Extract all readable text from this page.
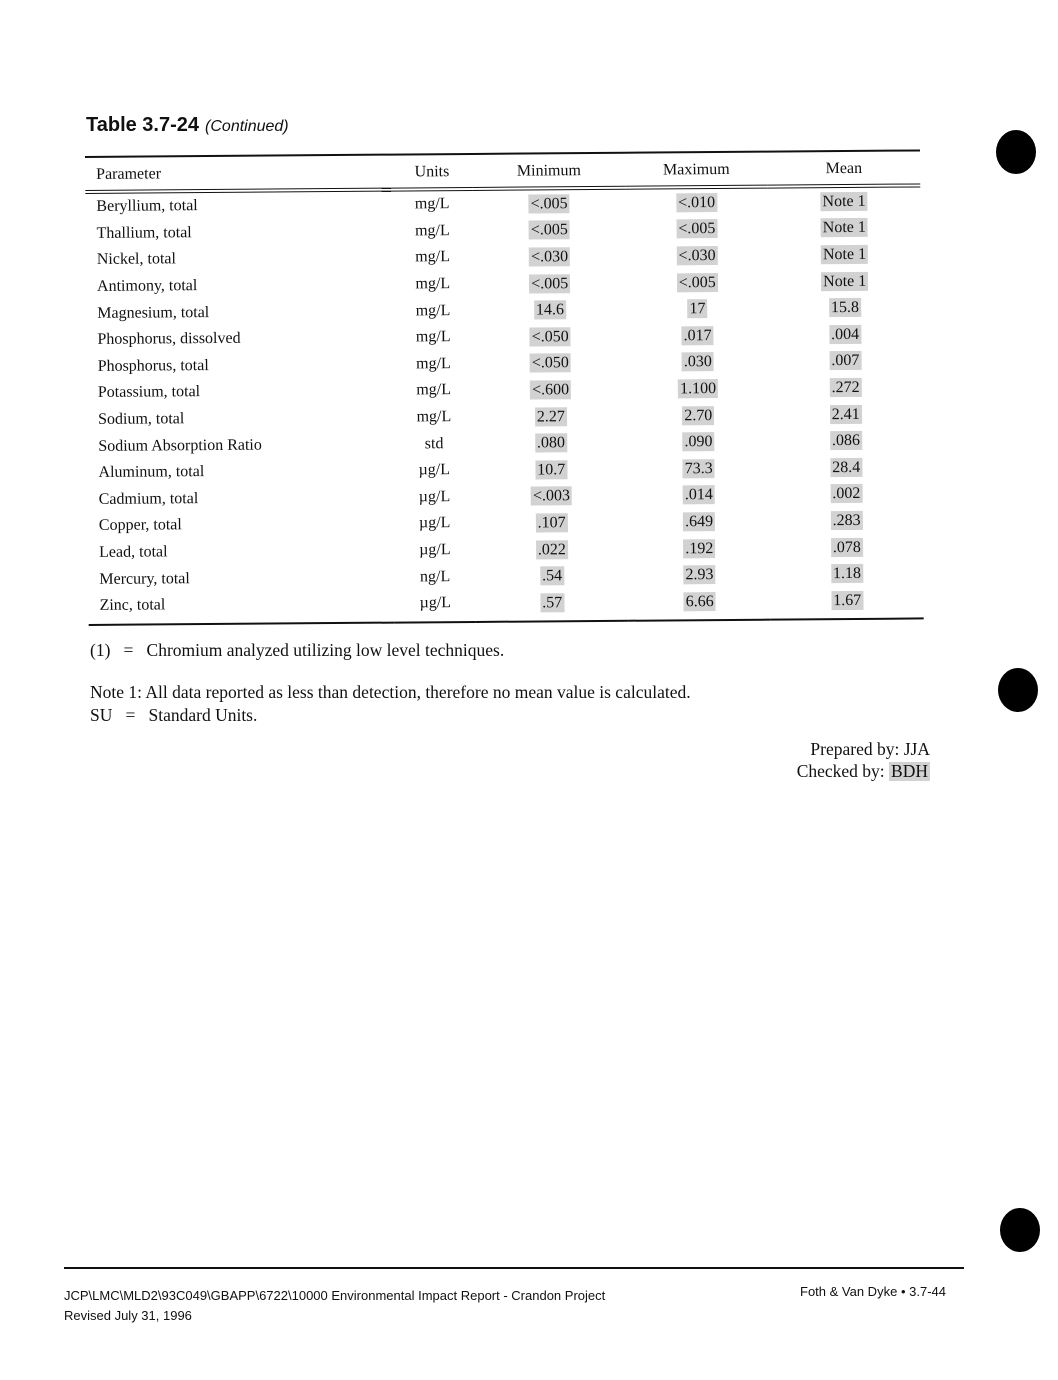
Table 3.7-24 (Continued)
Parameter	Units	Minimum	Maximum	Mean
Beryllium, total	mg/L	<.005	<.010	Note 1
Thallium, total	mg/L	<.005	<.005	Note 1
Nickel, total	mg/L	<.030	<.030	Note 1
Antimony, total	mg/L	<.005	<.005	Note 1
Magnesium, total	mg/L	14.6	17	15.8
Phosphorus, dissolved	mg/L	<.050	.017	.004
Phosphorus, total	mg/L	<.050	.030	.007
Potassium, total	mg/L	<.600	1.100	.272
Sodium, total	mg/L	2.27	2.70	2.41
Sodium Absorption Ratio	std	.080	.090	.086
Aluminum, total	µg/L	10.7	73.3	28.4
Cadmium, total	µg/L	<.003	.014	.002
Copper, total	µg/L	.107	.649	.283
Lead, total	µg/L	.022	.192	.078
Mercury, total	ng/L	.54	2.93	1.18
Zinc, total	µg/L	.57	6.66	1.67
(1)   =   Chromium analyzed utilizing low level techniques.
Note 1: All data reported as less than detection, therefore no mean value is calculated.
SU   =   Standard Units.
Prepared by: JJA
Checked by: BDH
JCP\LMC\MLD2\93C049\GBAPP\6722\10000 Environmental Impact Report - Crandon Project
Revised July 31, 1996
Foth & Van Dyke • 3.7-44
